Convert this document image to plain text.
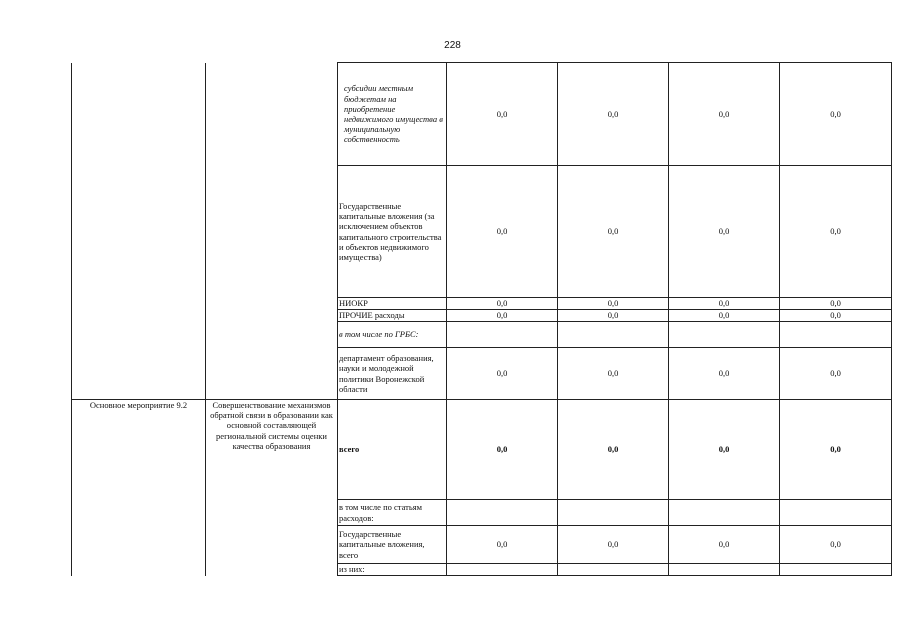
228
		субсидии местным бюджетам на приобретение недвижимого имущества в муниципальную собственность	0,0	0,0	0,0	0,0
		Государственные капитальные вложения (за исключением объектов капитального строительства и объектов недвижимого имущества)	0,0	0,0	0,0	0,0
		НИОКР	0,0	0,0	0,0	0,0
		ПРОЧИЕ расходы	0,0	0,0	0,0	0,0
		в том числе по ГРБС:				
		департамент образования, науки и молодежной политики Воронежской области	0,0	0,0	0,0	0,0
Основное мероприятие 9.2	Совершенствование механизмов обратной связи в образовании как основной составляющей региональной системы оценки качества образования	всего	0,0	0,0	0,0	0,0
		в том числе по статьям расходов:				
		Государственные капитальные вложения, всего	0,0	0,0	0,0	0,0
		из них:				
